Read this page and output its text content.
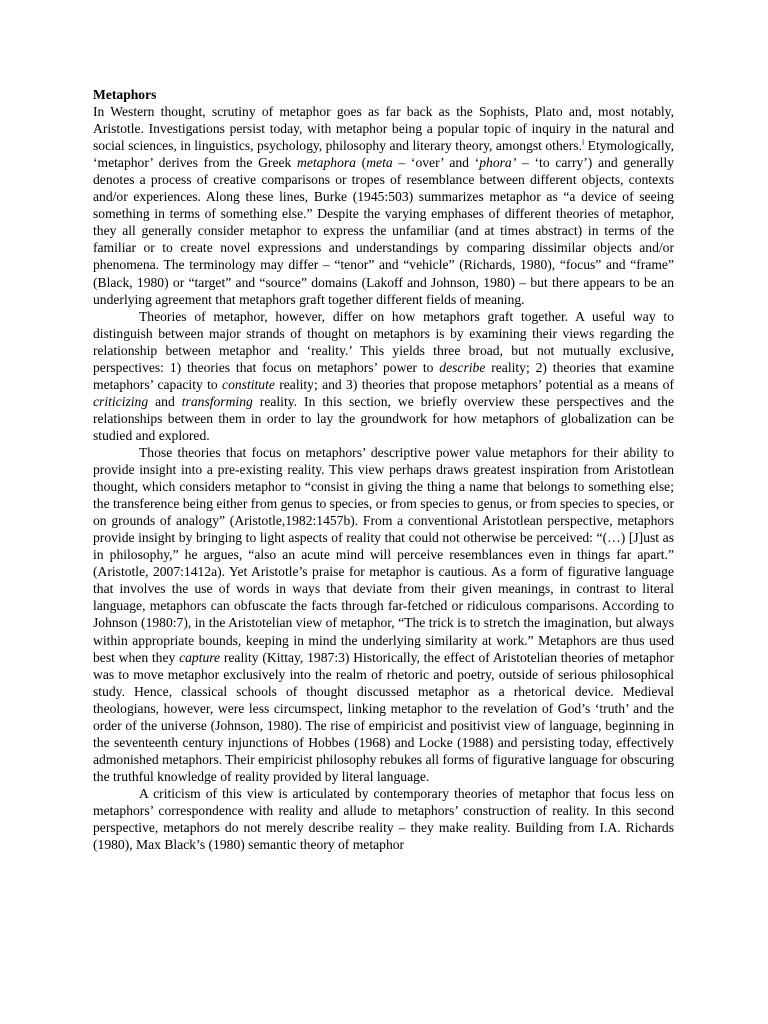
Metaphors

In Western thought, scrutiny of metaphor goes as far back as the Sophists, Plato and, most notably, Aristotle. Investigations persist today, with metaphor being a popular topic of inquiry in the natural and social sciences, in linguistics, psychology, philosophy and literary theory, amongst others.$^i$ Etymologically, ‘metaphor’ derives from the Greek metaphora (meta – ‘over’ and ‘phora’ – ‘to carry’) and generally denotes a process of creative comparisons or tropes of resemblance between different objects, contexts and/or experiences. Along these lines, Burke (1945:503) summarizes metaphor as “a device of seeing something in terms of something else.” Despite the varying emphases of different theories of metaphor, they all generally consider metaphor to express the unfamiliar (and at times abstract) in terms of the familiar or to create novel expressions and understandings by comparing dissimilar objects and/or phenomena. The terminology may differ – “tenor” and “vehicle” (Richards, 1980), “focus” and “frame” (Black, 1980) or “target” and “source” domains (Lakoff and Johnson, 1980) – but there appears to be an underlying agreement that metaphors graft together different fields of meaning.

Theories of metaphor, however, differ on how metaphors graft together. A useful way to distinguish between major strands of thought on metaphors is by examining their views regarding the relationship between metaphor and ‘reality.’ This yields three broad, but not mutually exclusive, perspectives: 1) theories that focus on metaphors’ power to describe reality; 2) theories that examine metaphors’ capacity to constitute reality; and 3) theories that propose metaphors’ potential as a means of criticizing and transforming reality. In this section, we briefly overview these perspectives and the relationships between them in order to lay the groundwork for how metaphors of globalization can be studied and explored.

Those theories that focus on metaphors’ descriptive power value metaphors for their ability to provide insight into a pre-existing reality. This view perhaps draws greatest inspiration from Aristotlean thought, which considers metaphor to “consist in giving the thing a name that belongs to something else; the transference being either from genus to species, or from species to genus, or from species to species, or on grounds of analogy” (Aristotle,1982:1457b). From a conventional Aristotlean perspective, metaphors provide insight by bringing to light aspects of reality that could not otherwise be perceived: “(…) [J]ust as in philosophy,” he argues, “also an acute mind will perceive resemblances even in things far apart.” (Aristotle, 2007:1412a). Yet Aristotle’s praise for metaphor is cautious. As a form of figurative language that involves the use of words in ways that deviate from their given meanings, in contrast to literal language, metaphors can obfuscate the facts through far-fetched or ridiculous comparisons. According to Johnson (1980:7), in the Aristotelian view of metaphor, “The trick is to stretch the imagination, but always within appropriate bounds, keeping in mind the underlying similarity at work.” Metaphors are thus used best when they capture reality (Kittay, 1987:3) Historically, the effect of Aristotelian theories of metaphor was to move metaphor exclusively into the realm of rhetoric and poetry, outside of serious philosophical study. Hence, classical schools of thought discussed metaphor as a rhetorical device. Medieval theologians, however, were less circumspect, linking metaphor to the revelation of God’s ‘truth’ and the order of the universe (Johnson, 1980). The rise of empiricist and positivist view of language, beginning in the seventeenth century injunctions of Hobbes (1968) and Locke (1988) and persisting today, effectively admonished metaphors. Their empiricist philosophy rebukes all forms of figurative language for obscuring the truthful knowledge of reality provided by literal language.

A criticism of this view is articulated by contemporary theories of metaphor that focus less on metaphors’ correspondence with reality and allude to metaphors’ construction of reality. In this second perspective, metaphors do not merely describe reality – they make reality. Building from I.A. Richards (1980), Max Black’s (1980) semantic theory of metaphor
